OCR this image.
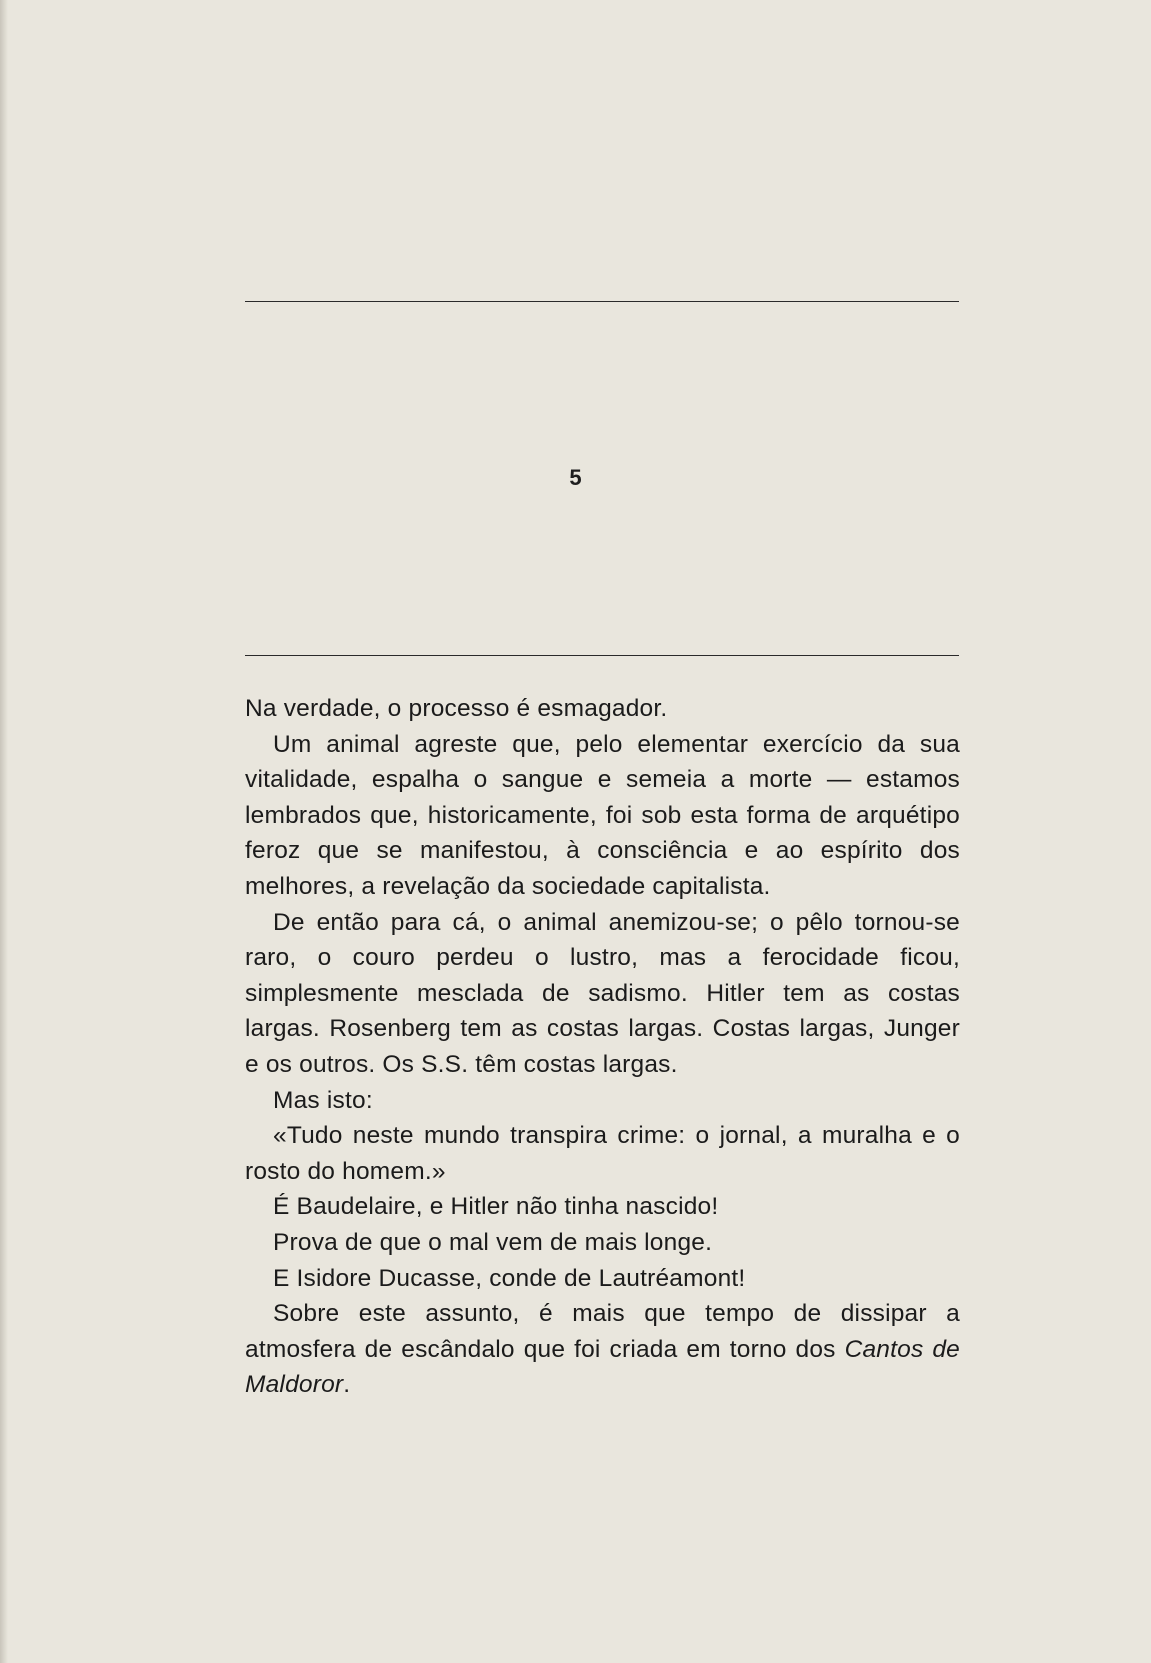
5

Na verdade, o processo é esmagador.

Um animal agreste que, pelo elementar exercício da sua vitalidade, espalha o sangue e semeia a morte — estamos lembrados que, historicamente, foi sob esta forma de arquétipo feroz que se manifestou, à consciência e ao espírito dos melhores, a revelação da sociedade capitalista.

De então para cá, o animal anemizou-se; o pêlo tornou-se raro, o couro perdeu o lustro, mas a ferocidade ficou, simplesmente mesclada de sadismo. Hitler tem as costas largas. Rosenberg tem as costas largas. Costas largas, Junger e os outros. Os S.S. têm costas largas.

Mas isto:

«Tudo neste mundo transpira crime: o jornal, a muralha e o rosto do homem.»

É Baudelaire, e Hitler não tinha nascido!

Prova de que o mal vem de mais longe.

E Isidore Ducasse, conde de Lautréamont!

Sobre este assunto, é mais que tempo de dissipar a atmosfera de escândalo que foi criada em torno dos Cantos de Maldoror.
